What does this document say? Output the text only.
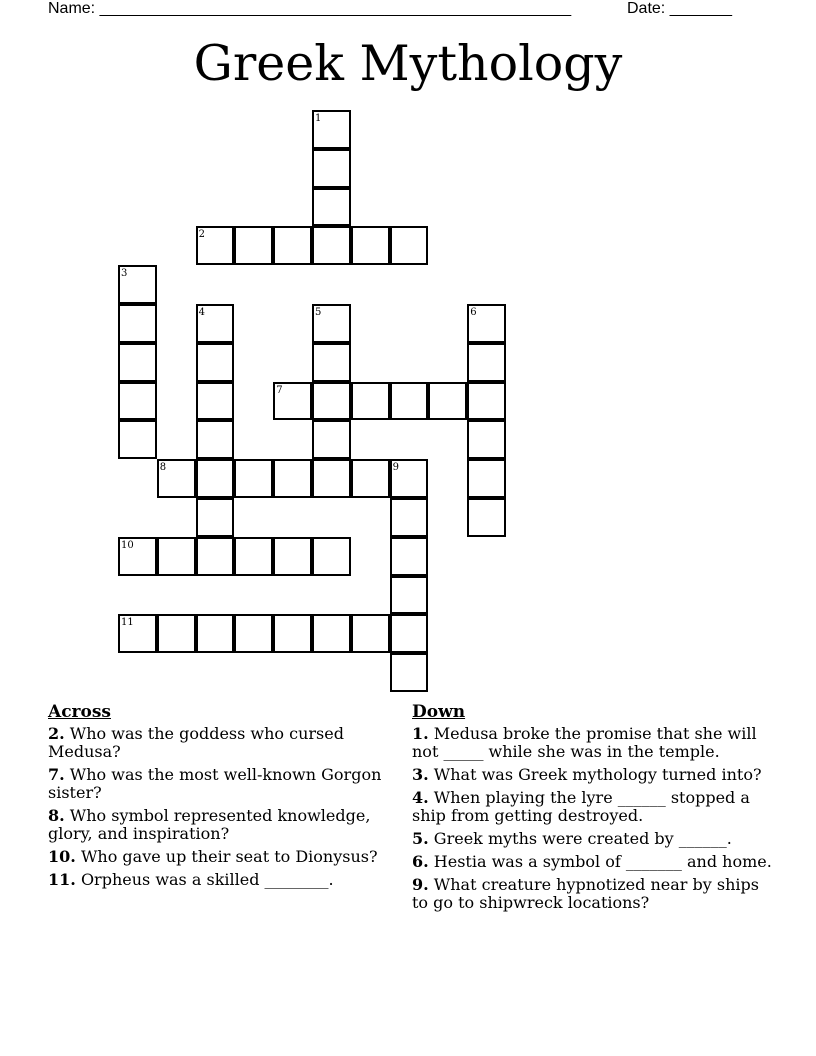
Name: _____________________________________________________

	Date: _______

Greek Mythology
1
2
3
4	5	6
7
8	9
10
11
Across
2. Who was the goddess who cursed Medusa?
7. Who was the most well-known Gorgon sister?
8. Who symbol represented knowledge, glory, and inspiration?
10. Who gave up their seat to Dionysus?
11. Orpheus was a skilled ________.
Down
1. Medusa broke the promise that she will not _____ while she was in the temple.
3. What was Greek mythology turned into?
4. When playing the lyre ______ stopped a ship from getting destroyed.
5. Greek myths were created by ______.
6. Hestia was a symbol of _______ and home.
9. What creature hypnotized near by ships to go to shipwreck locations?
